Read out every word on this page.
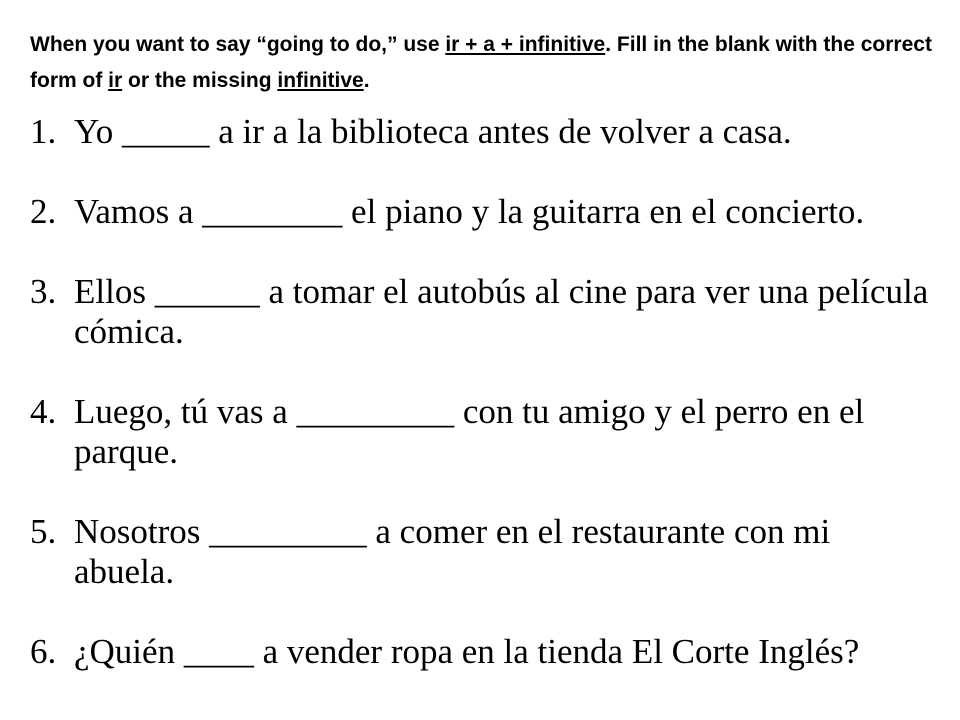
When you want to say “going to do,” use ir + a + infinitive. Fill in the blank with the correct form of ir or the missing infinitive.

1. Yo _____ a ir a la biblioteca antes de volver a casa.
2. Vamos a ________ el piano y la guitarra en el concierto.
3. Ellos ______ a tomar el autobús al cine para ver una película cómica.
4. Luego, tú vas a _________ con tu amigo y el perro en el parque.
5. Nosotros _________ a comer en el restaurante con mi abuela.
6. ¿Quién ____ a vender ropa en la tienda El Corte Inglés?
